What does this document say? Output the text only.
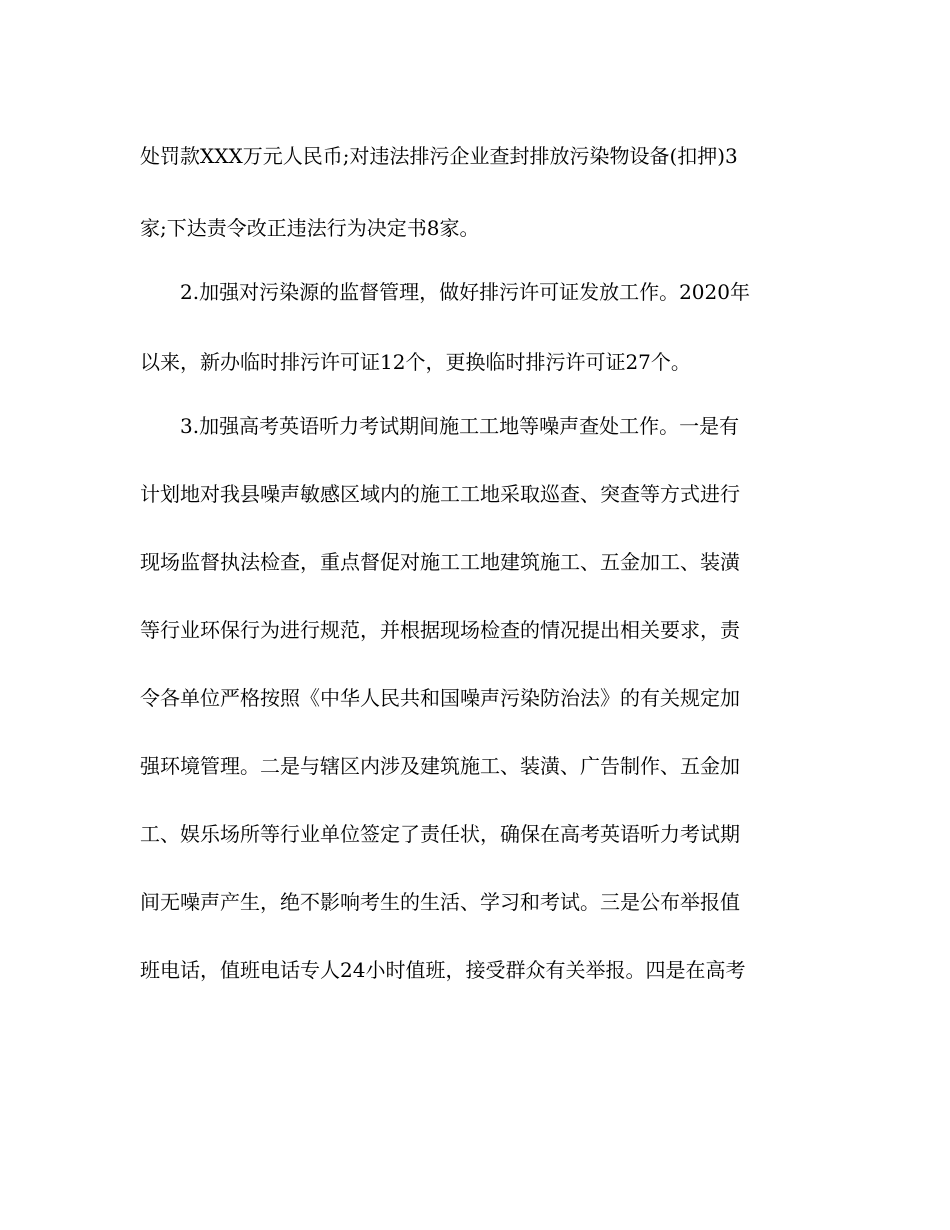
处罚款XXX万元人民币;对违法排污企业查封排放污染物设备(扣押)3
家;下达责令改正违法行为决定书8家。
2.加强对污染源的监督管理，做好排污许可证发放工作。2020年
以来，新办临时排污许可证12个，更换临时排污许可证27个。
3.加强高考英语听力考试期间施工工地等噪声查处工作。一是有
计划地对我县噪声敏感区域内的施工工地采取巡查、突查等方式进行
现场监督执法检查，重点督促对施工工地建筑施工、五金加工、装潢
等行业环保行为进行规范，并根据现场检查的情况提出相关要求，责
令各单位严格按照《中华人民共和国噪声污染防治法》的有关规定加
强环境管理。二是与辖区内涉及建筑施工、装潢、广告制作、五金加
工、娱乐场所等行业单位签定了责任状，确保在高考英语听力考试期
间无噪声产生，绝不影响考生的生活、学习和考试。三是公布举报值
班电话，值班电话专人24小时值班，接受群众有关举报。四是在高考
